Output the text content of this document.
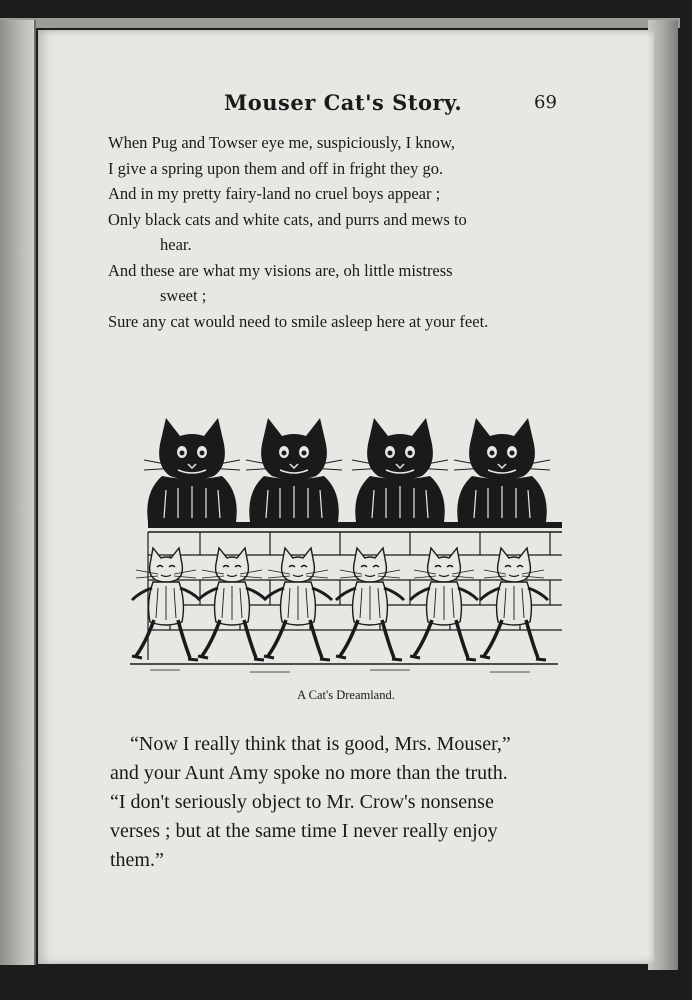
Mouser Cat's Story.	69
When Pug and Towser eye me, suspiciously, I know,
I give a spring upon them and off in fright they go.
And in my pretty fairy-land no cruel boys appear ;
Only black cats and white cats, and purrs and mews to
hear.
And these are what my visions are, oh little mistress
sweet ;
Sure any cat would need to smile asleep here at your feet.
A Cat's Dreamland.
“Now I really think that is good, Mrs. Mouser,”
and your Aunt Amy spoke no more than the truth.
“I don't seriously object to Mr. Crow's nonsense
verses ; but at the same time I never really enjoy
them.”
